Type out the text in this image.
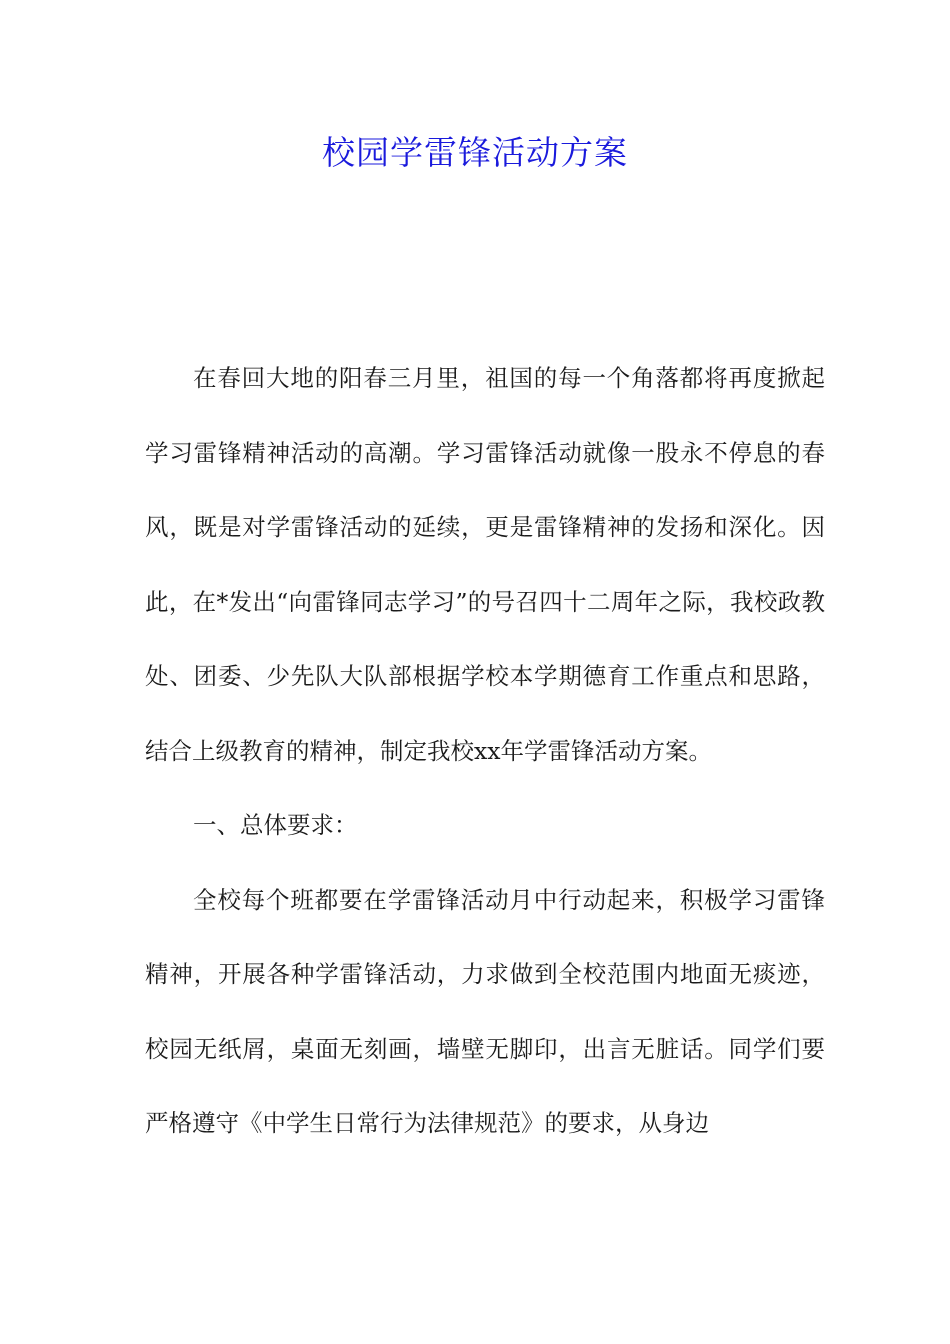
校园学雷锋活动方案

在春回大地的阳春三月里，祖国的每一个角落都将再度掀起学习雷锋精神活动的高潮。学习雷锋活动就像一股永不停息的春风，既是对学雷锋活动的延续，更是雷锋精神的发扬和深化。因此，在*发出“向雷锋同志学习”的号召四十二周年之际，我校政教处、团委、少先队大队部根据学校本学期德育工作重点和思路，结合上级教育的精神，制定我校xx年学雷锋活动方案。

一、总体要求：

全校每个班都要在学雷锋活动月中行动起来，积极学习雷锋精神，开展各种学雷锋活动，力求做到全校范围内地面无痰迹，校园无纸屑，桌面无刻画，墙壁无脚印，出言无脏话。同学们要严格遵守《中学生日常行为法律规范》的要求，从身边
